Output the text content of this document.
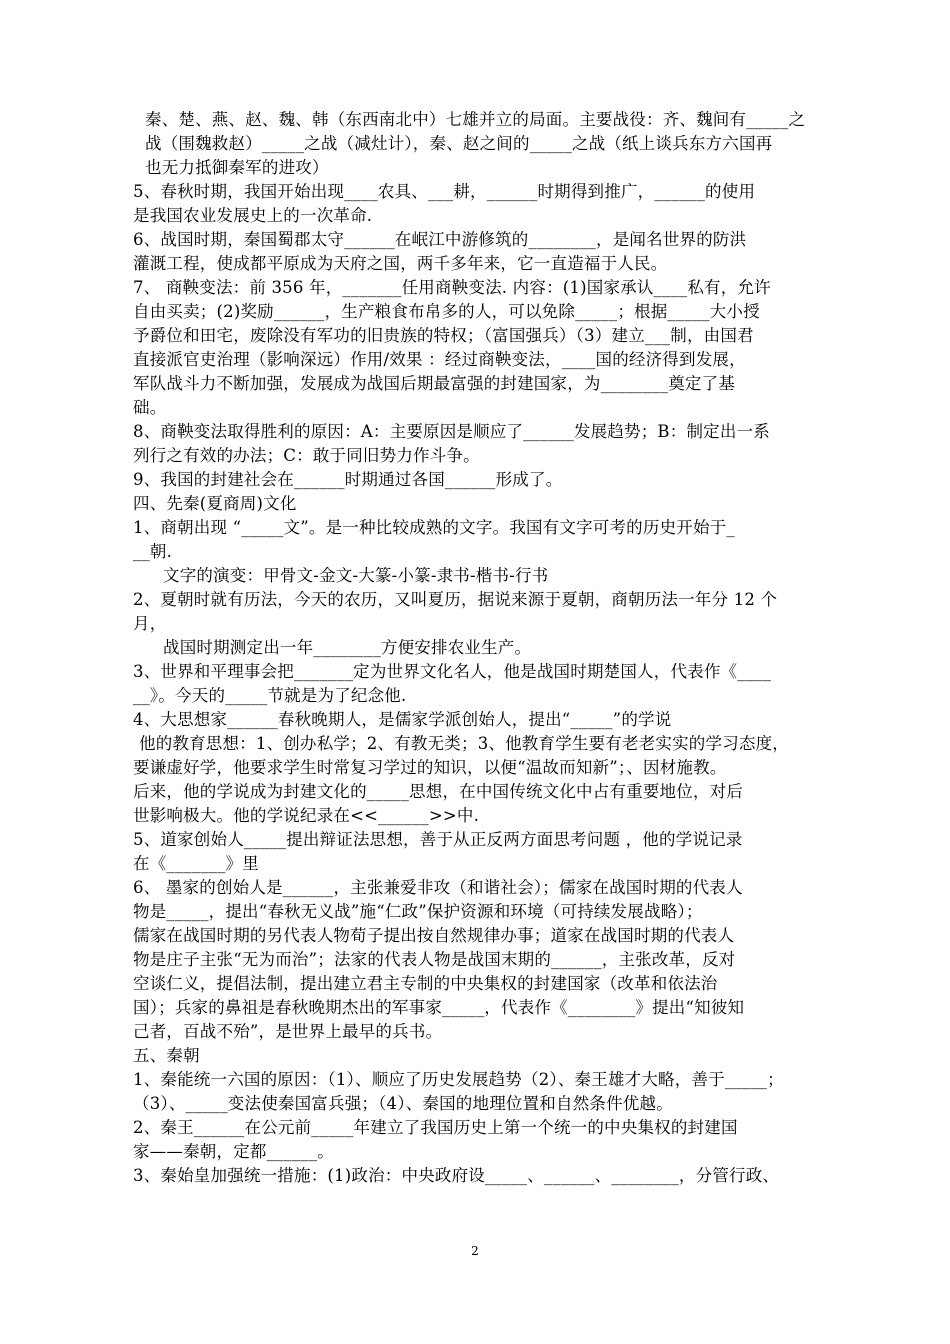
秦、楚、燕、赵、魏、韩（东西南北中）七雄并立的局面。主要战役：齐、魏间有_____之
战（围魏救赵）_____之战（减灶计），秦、赵之间的_____之战（纸上谈兵东方六国再
也无力抵御秦军的进攻）
5、春秋时期，我国开始出现____农具、___耕，______时期得到推广，______的使用
是我国农业发展史上的一次革命.
6、战国时期，秦国蜀郡太守______在岷江中游修筑的________，是闻名世界的防洪
灌溉工程，使成都平原成为天府之国，两千多年来，它一直造福于人民。
7、 商鞅变法：前 356 年，_______任用商鞅变法. 内容：(1)国家承认____私有，允许
自由买卖；(2)奖励______，生产粮食布帛多的人，可以免除_____；根据_____大小授
予爵位和田宅，废除没有军功的旧贵族的特权；（富国强兵）（3）建立___制，由国君
直接派官吏治理（影响深远）作用/效果 ：经过商鞅变法，____国的经济得到发展，
军队战斗力不断加强，发展成为战国后期最富强的封建国家，为________奠定了基
础。
8、商鞅变法取得胜利的原因：A：主要原因是顺应了______发展趋势；B：制定出一系
列行之有效的办法；C：敢于同旧势力作斗争。
9、我国的封建社会在______时期通过各国______形成了。
四、先秦(夏商周)文化
1、商朝出现 “_____文”。是一种比较成熟的文字。我国有文字可考的历史开始于_
__朝.
文字的演变：甲骨文-金文-大篆-小篆-隶书-楷书-行书
2、夏朝时就有历法，今天的农历，又叫夏历，据说来源于夏朝，商朝历法一年分 12 个
月，
战国时期测定出一年________方便安排农业生产。
3、世界和平理事会把_______定为世界文化名人，他是战国时期楚国人，代表作《____
__》。今天的_____节就是为了纪念他.
4、大思想家______春秋晚期人，是儒家学派创始人，提出“_____”的学说
他的教育思想：1、创办私学；2、有教无类；3、他教育学生要有老老实实的学习态度，
要谦虚好学，他要求学生时常复习学过的知识，以便“温故而知新”；、因材施教。
后来，他的学说成为封建文化的_____思想，在中国传统文化中占有重要地位，对后
世影响极大。他的学说纪录在<<______>>中.
5、道家创始人_____提出辩证法思想，善于从正反两方面思考问题 ，他的学说记录
在《_______》里
6、 墨家的创始人是______，主张兼爱非攻（和谐社会）；儒家在战国时期的代表人
物是_____，提出“春秋无义战”施“仁政”保护资源和环境（可持续发展战略）；
儒家在战国时期的另代表人物荀子提出按自然规律办事；道家在战国时期的代表人
物是庄子主张“无为而治”；法家的代表人物是战国末期的______，主张改革，反对
空谈仁义，提倡法制，提出建立君主专制的中央集权的封建国家（改革和依法治
国）；兵家的鼻祖是春秋晚期杰出的军事家_____，代表作《________》提出“知彼知
己者，百战不殆”，是世界上最早的兵书。
五、秦朝
1、秦能统一六国的原因：（1）、顺应了历史发展趋势（2）、秦王雄才大略，善于_____；
（3）、_____变法使秦国富兵强；（4）、秦国的地理位置和自然条件优越。
2、秦王______在公元前_____年建立了我国历史上第一个统一的中央集权的封建国
家——秦朝，定都______。
3、秦始皇加强统一措施：(1)政治：中央政府设_____、______、________，分管行政、
2
